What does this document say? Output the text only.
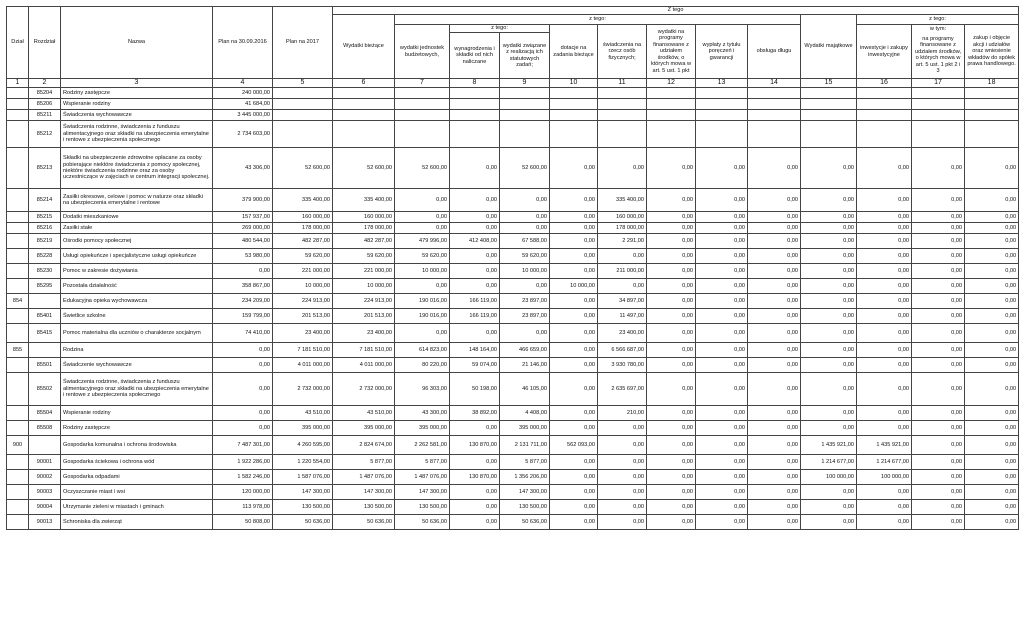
Dział	Rozdział	Nazwa	Plan na 30.09.2016	Plan na 2017	Z tego												
					Wydatki bieżące	z tego:								Wydatki majątkowe	z tego:		
						wydatki jednostek budżetowych,	z tego:		dotacje na zadania bieżące	świadczenia na rzecz osób fizycznych;	wydatki na programy finansowane z udziałem środków, o których mowa w art. 5 ust. 1 pkt	wypłaty z tytułu poręczeń i gwarancji	obsługa długu		inwestycje i zakupy inwestycyjne	w tym:	zakup i objęcie akcji i udziałów oraz wniesienie wkładów do spółek prawa handlowego.
							wynagrodzenia i składki od nich naliczane	wydatki związane z realizacją ich statutowych zadań;								na programy finansowane z udziałem środków, o których mowa w art. 5 ust. 1 pkt 2 i 3	
1	2	3	4	5	6	7	8	9	10	11	12	13	14	15	16	17	18
	85204	Rodziny zastępcze	240 000,00														
	85206	Wspieranie rodziny	41 684,00														
	85211	Świadczenia wychowawcze	3 445 000,00														
	85212	Świadczenia rodzinne, świadczenia z funduszu alimentacyjnego oraz składki na ubezpieczenia emerytalne i rentowe z ubezpieczenia społecznego	2 734 603,00														
	85213	Składki na ubezpieczenie zdrowotne opłacane za osoby pobierające niektóre świadczenia z pomocy społecznej, niektóre świadczenia rodzinne oraz za osoby uczestniczące w zajęciach w centrum integracji społecznej.	43 306,00	52 600,00	52 600,00	52 600,00	0,00	52 600,00	0,00	0,00	0,00	0,00	0,00	0,00	0,00	0,00	0,00
	85214	Zasiłki okresowe, celowe i pomoc w naturze oraz składki na ubezpieczenia emerytalne i rentowe	379 900,00	335 400,00	335 400,00	0,00	0,00	0,00	0,00	335 400,00	0,00	0,00	0,00	0,00	0,00	0,00	0,00
	85215	Dodatki mieszkaniowe	157 937,00	160 000,00	160 000,00	0,00	0,00	0,00	0,00	160 000,00	0,00	0,00	0,00	0,00	0,00	0,00	0,00
	85216	Zasiłki stałe	269 000,00	178 000,00	178 000,00	0,00	0,00	0,00	0,00	178 000,00	0,00	0,00	0,00	0,00	0,00	0,00	0,00
	85219	Ośrodki pomocy społecznej	480 544,00	482 287,00	482 287,00	479 996,00	412 408,00	67 588,00	0,00	2 291,00	0,00	0,00	0,00	0,00	0,00	0,00	0,00
	85228	Usługi opiekuńcze i specjalistyczne usługi opiekuńcze	53 980,00	59 620,00	59 620,00	59 620,00	0,00	59 620,00	0,00	0,00	0,00	0,00	0,00	0,00	0,00	0,00	0,00
	85230	Pomoc w zakresie dożywiania	0,00	221 000,00	221 000,00	10 000,00	0,00	10 000,00	0,00	211 000,00	0,00	0,00	0,00	0,00	0,00	0,00	0,00
	85295	Pozostała działalność	358 867,00	10 000,00	10 000,00	0,00	0,00	0,00	10 000,00	0,00	0,00	0,00	0,00	0,00	0,00	0,00	0,00
854		Edukacyjna opieka wychowawcza	234 209,00	224 913,00	224 913,00	190 016,00	166 119,00	23 897,00	0,00	34 897,00	0,00	0,00	0,00	0,00	0,00	0,00	0,00
	85401	Świetlice szkolne	159 799,00	201 513,00	201 513,00	190 016,00	166 119,00	23 897,00	0,00	11 497,00	0,00	0,00	0,00	0,00	0,00	0,00	0,00
	85415	Pomoc materialna dla uczniów o charakterze socjalnym	74 410,00	23 400,00	23 400,00	0,00	0,00	0,00	0,00	23 400,00	0,00	0,00	0,00	0,00	0,00	0,00	0,00
855		Rodzina	0,00	7 181 510,00	7 181 510,00	614 823,00	148 164,00	466 659,00	0,00	6 566 687,00	0,00	0,00	0,00	0,00	0,00	0,00	0,00
	85501	Świadczenie wychowawcze	0,00	4 011 000,00	4 011 000,00	80 220,00	59 074,00	21 146,00	0,00	3 930 780,00	0,00	0,00	0,00	0,00	0,00	0,00	0,00
	85502	Świadczenia rodzinne, świadczenia z funduszu alimentacyjnego oraz składki na ubezpieczenia emerytalne i rentowe z ubezpieczenia społecznego	0,00	2 732 000,00	2 732 000,00	96 303,00	50 198,00	46 105,00	0,00	2 635 697,00	0,00	0,00	0,00	0,00	0,00	0,00	0,00
	85504	Wspieranie rodziny	0,00	43 510,00	43 510,00	43 300,00	38 892,00	4 408,00	0,00	210,00	0,00	0,00	0,00	0,00	0,00	0,00	0,00
	85508	Rodziny zastępcze	0,00	395 000,00	395 000,00	395 000,00	0,00	395 000,00	0,00	0,00	0,00	0,00	0,00	0,00	0,00	0,00	0,00
900		Gospodarka komunalna i ochrona środowiska	7 487 301,00	4 260 595,00	2 824 674,00	2 262 581,00	130 870,00	2 131 711,00	562 093,00	0,00	0,00	0,00	0,00	1 435 921,00	1 435 921,00	0,00	0,00
	90001	Gospodarka ściekowa i ochrona wód	1 922 286,00	1 220 554,00	5 877,00	5 877,00	0,00	5 877,00	0,00	0,00	0,00	0,00	0,00	1 214 677,00	1 214 677,00	0,00	0,00
	90002	Gospodarka odpadami	1 582 246,00	1 587 076,00	1 487 076,00	1 487 076,00	130 870,00	1 356 206,00	0,00	0,00	0,00	0,00	0,00	100 000,00	100 000,00	0,00	0,00
	90003	Oczyszczanie miast i wsi	120 000,00	147 300,00	147 300,00	147 300,00	0,00	147 300,00	0,00	0,00	0,00	0,00	0,00	0,00	0,00	0,00	0,00
	90004	Utrzymanie zieleni w miastach i gminach	113 978,00	130 500,00	130 500,00	130 500,00	0,00	130 500,00	0,00	0,00	0,00	0,00	0,00	0,00	0,00	0,00	0,00
	90013	Schroniska dla zwierząt	50 808,00	50 636,00	50 636,00	50 636,00	0,00	50 636,00	0,00	0,00	0,00	0,00	0,00	0,00	0,00	0,00	0,00
